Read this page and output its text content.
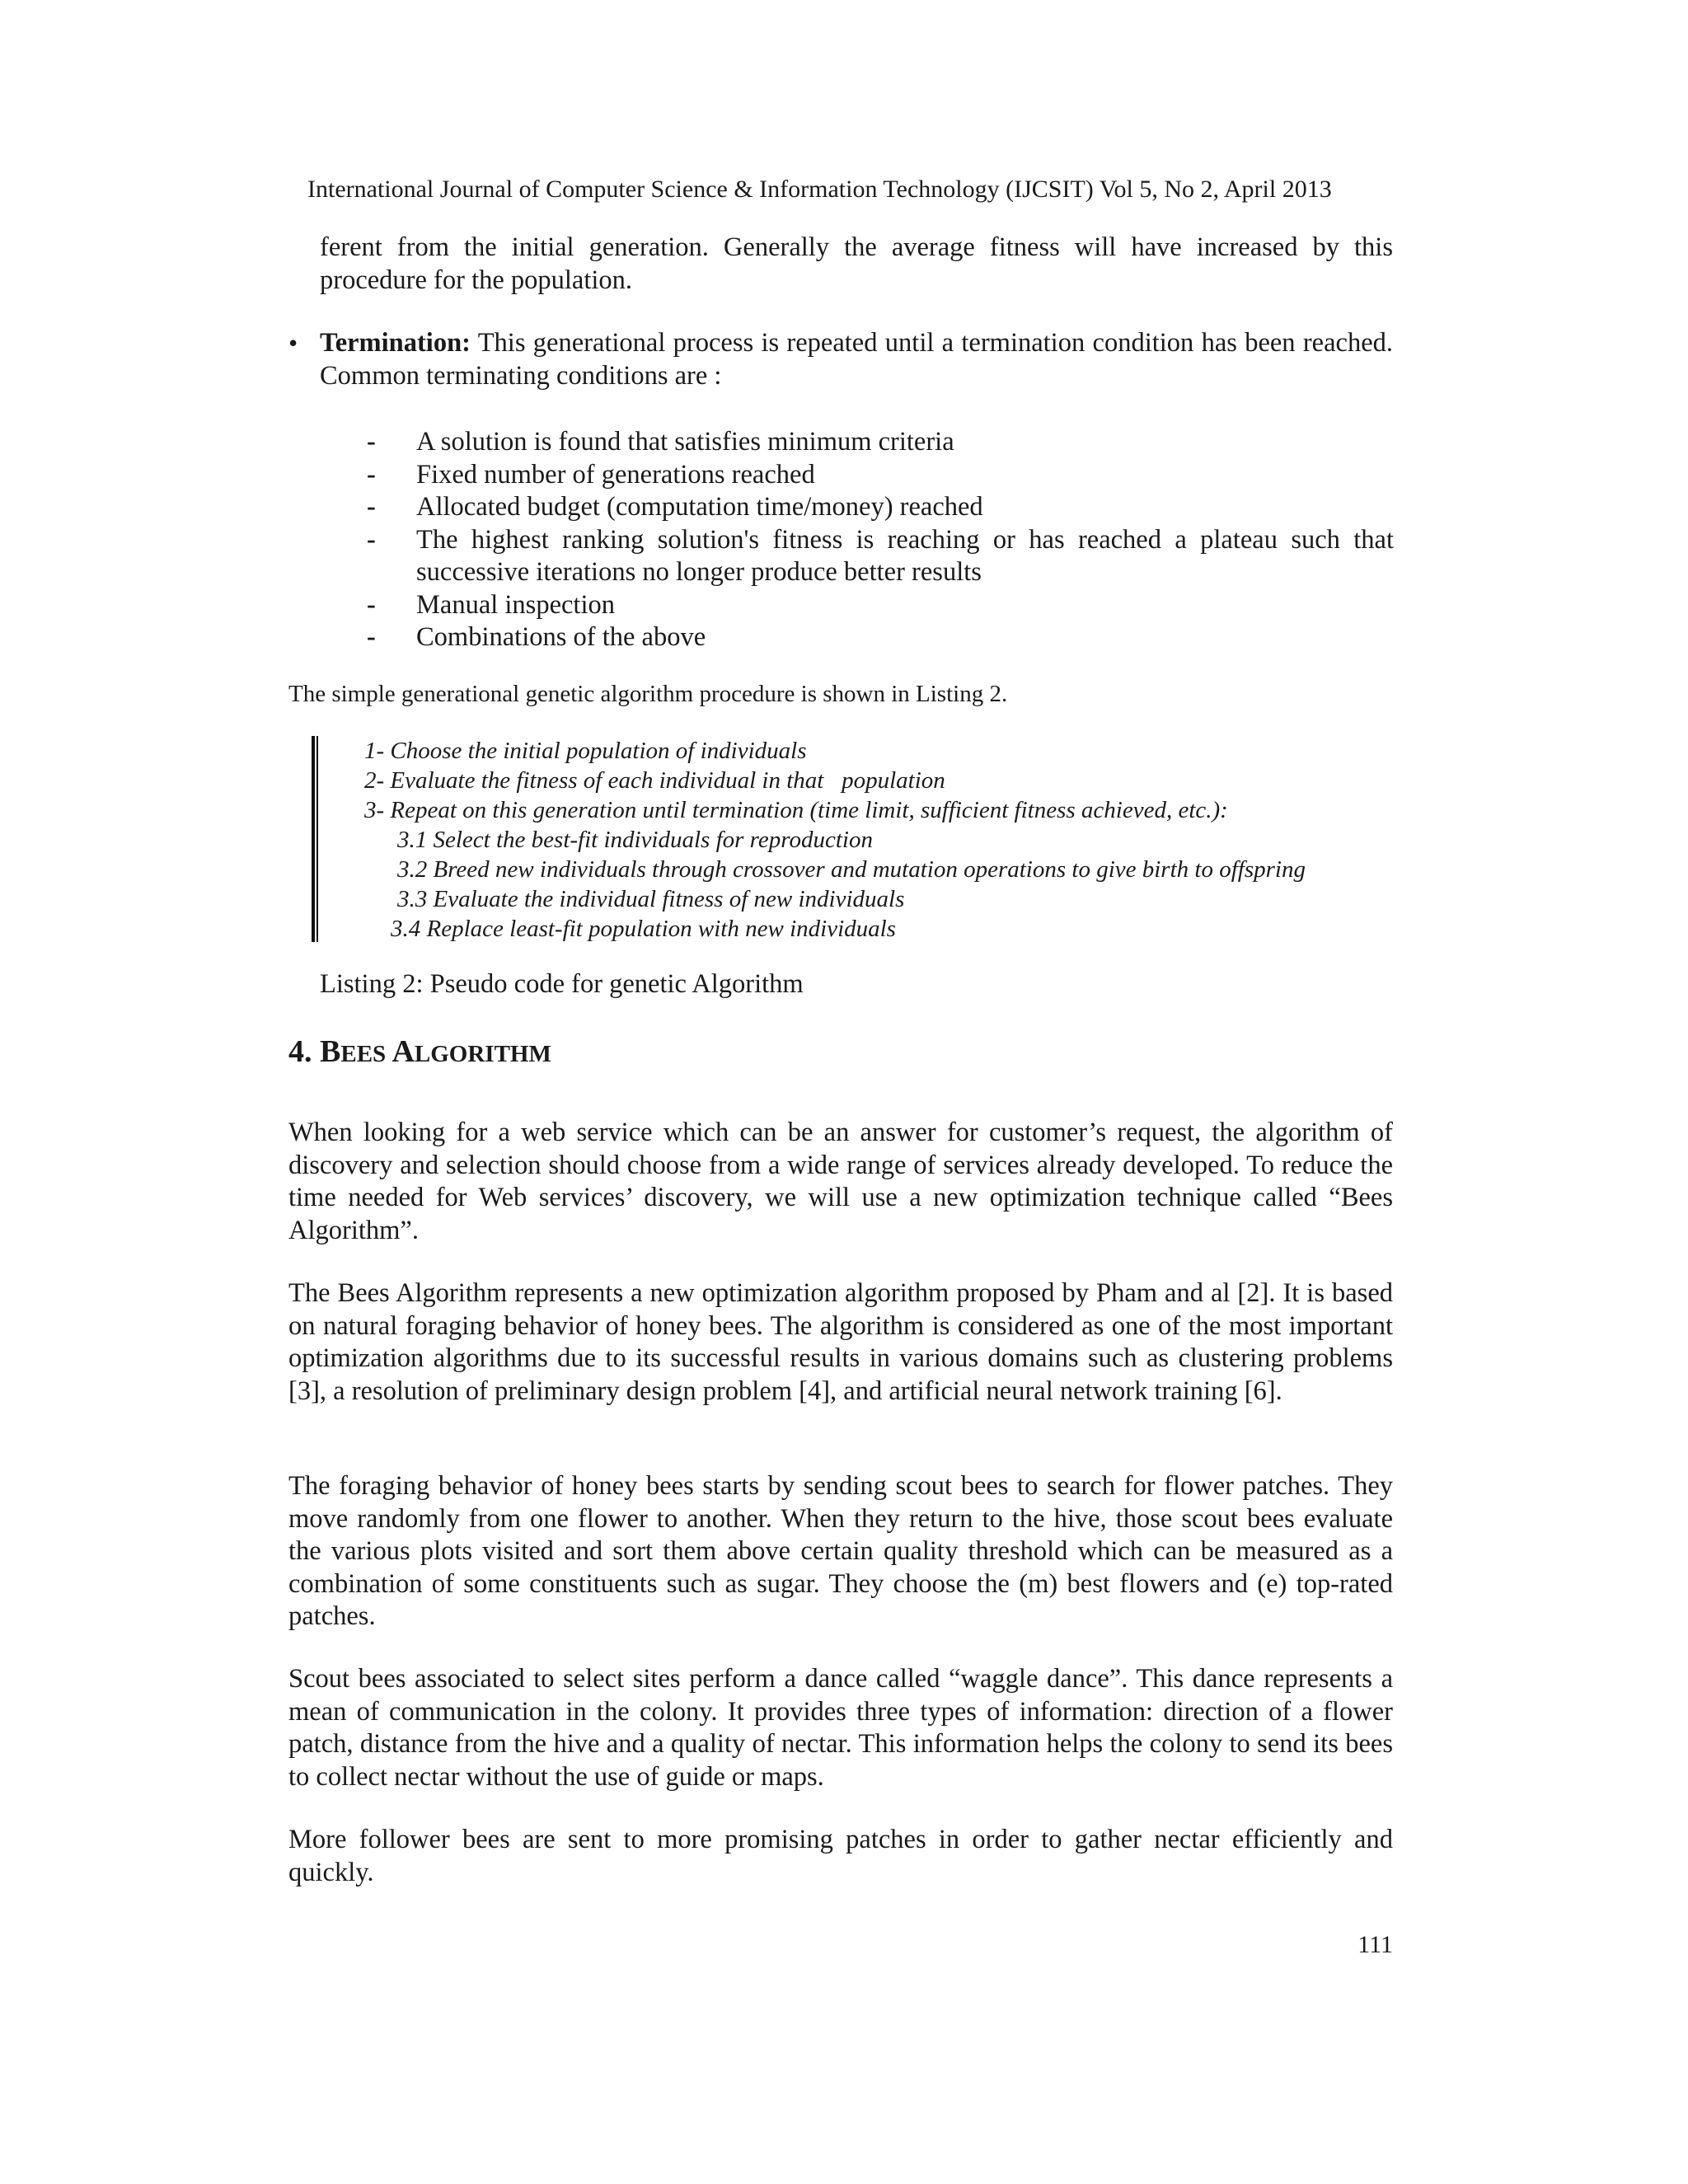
International Journal of Computer Science & Information Technology (IJCSIT) Vol 5, No 2, April 2013

ferent from the initial generation. Generally the average fitness will have increased by this procedure for the population.

• Termination: This generational process is repeated until a termination condition has been reached. Common terminating conditions are :

- A solution is found that satisfies minimum criteria
- Fixed number of generations reached
- Allocated budget (computation time/money) reached
- The highest ranking solution's fitness is reaching or has reached a plateau such that successive iterations no longer produce better results
- Manual inspection
- Combinations of the above
The simple generational genetic algorithm procedure is shown in Listing 2.
1- Choose the initial population of individuals
2- Evaluate the fitness of each individual in that   population
3- Repeat on this generation until termination (time limit, sufficient fitness achieved, etc.):
3.1 Select the best-fit individuals for reproduction
3.2 Breed new individuals through crossover and mutation operations to give birth to offspring
3.3 Evaluate the individual fitness of new individuals
3.4 Replace least-fit population with new individuals
Listing 2: Pseudo code for genetic Algorithm
4. BEES ALGORITHM

When looking for a web service which can be an answer for customer’s request, the algorithm of discovery and selection should choose from a wide range of services already developed. To reduce the time needed for Web services’ discovery, we will use a new optimization technique called “Bees Algorithm”.

The Bees Algorithm represents a new optimization algorithm proposed by Pham and al [2]. It is based on natural foraging behavior of honey bees. The algorithm is considered as one of the most important optimization algorithms due to its successful results in various domains such as clustering problems [3], a resolution of preliminary design problem [4], and artificial neural network training [6].

The foraging behavior of honey bees starts by sending scout bees to search for flower patches. They move randomly from one flower to another. When they return to the hive, those scout bees evaluate the various plots visited and sort them above certain quality threshold which can be measured as a combination of some constituents such as sugar. They choose the (m) best flowers and (e) top-rated patches.

Scout bees associated to select sites perform a dance called “waggle dance”. This dance represents a mean of communication in the colony. It provides three types of information: direction of a flower patch, distance from the hive and a quality of nectar. This information helps the colony to send its bees to collect nectar without the use of guide or maps.

More follower bees are sent to more promising patches in order to gather nectar efficiently and quickly.

111
